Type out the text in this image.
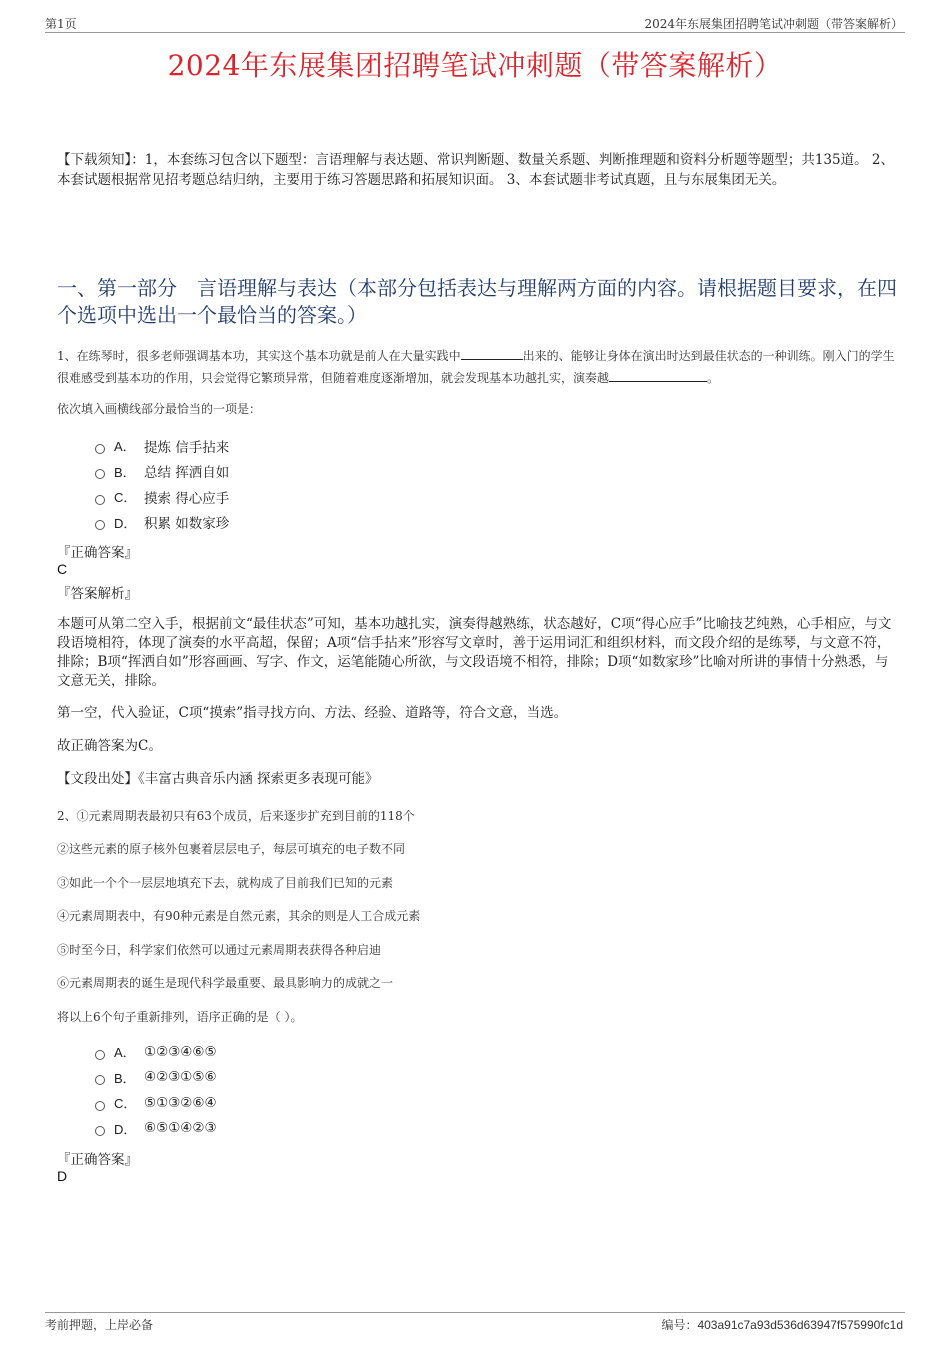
第1页	2024年东展集团招聘笔试冲刺题（带答案解析）
2024年东展集团招聘笔试冲刺题（带答案解析）
【下载须知】：1，本套练习包含以下题型：言语理解与表达题、常识判断题、数量关系题、判断推理题和资料分析题等题型；共135道。 2、本套试题根据常见招考题总结归纳，主要用于练习答题思路和拓展知识面。 3、本套试题非考试真题，且与东展集团无关。
一、第一部分　言语理解与表达（本部分包括表达与理解两方面的内容。请根据题目要求，在四个选项中选出一个最恰当的答案。）
1、在练琴时，很多老师强调基本功，其实这个基本功就是前人在大量实践中	出来的、能够让身体在演出时达到最佳状态的一种训练。刚入门的学生很难感受到基本功的作用，只会觉得它繁琐异常，但随着难度逐渐增加，就会发现基本功越扎实，演奏越	。
依次填入画横线部分最恰当的一项是：
A． 提炼 信手拈来
B． 总结 挥洒自如
C． 摸索 得心应手
D． 积累 如数家珍
『正确答案』
C
『答案解析』
本题可从第二空入手，根据前文“最佳状态”可知，基本功越扎实，演奏得越熟练，状态越好，C项“得心应手”比喻技艺纯熟，心手相应，与文段语境相符，体现了演奏的水平高超，保留；A项“信手拈来”形容写文章时，善于运用词汇和组织材料，而文段介绍的是练琴，与文意不符，排除；B项“挥洒自如”形容画画、写字、作文，运笔能随心所欲，与文段语境不相符，排除；D项“如数家珍”比喻对所讲的事情十分熟悉，与文意无关，排除。
第一空，代入验证，C项“摸索”指寻找方向、方法、经验、道路等，符合文意，当选。
故正确答案为C。
【文段出处】《丰富古典音乐内涵 探索更多表现可能》
2、①元素周期表最初只有63个成员，后来逐步扩充到目前的118个
②这些元素的原子核外包裹着层层电子，每层可填充的电子数不同
③如此一个个一层层地填充下去，就构成了目前我们已知的元素
④元素周期表中，有90种元素是自然元素，其余的则是人工合成元素
⑤时至今日，科学家们依然可以通过元素周期表获得各种启迪
⑥元素周期表的诞生是现代科学最重要、最具影响力的成就之一
将以上6个句子重新排列，语序正确的是（ ）。
A． ①②③④⑥⑤
B． ④②③①⑤⑥
C． ⑤①③②⑥④
D． ⑥⑤①④②③
『正确答案』
D
考前押题，上岸必备	编号：403a91c7a93d536d63947f575990fc1d
